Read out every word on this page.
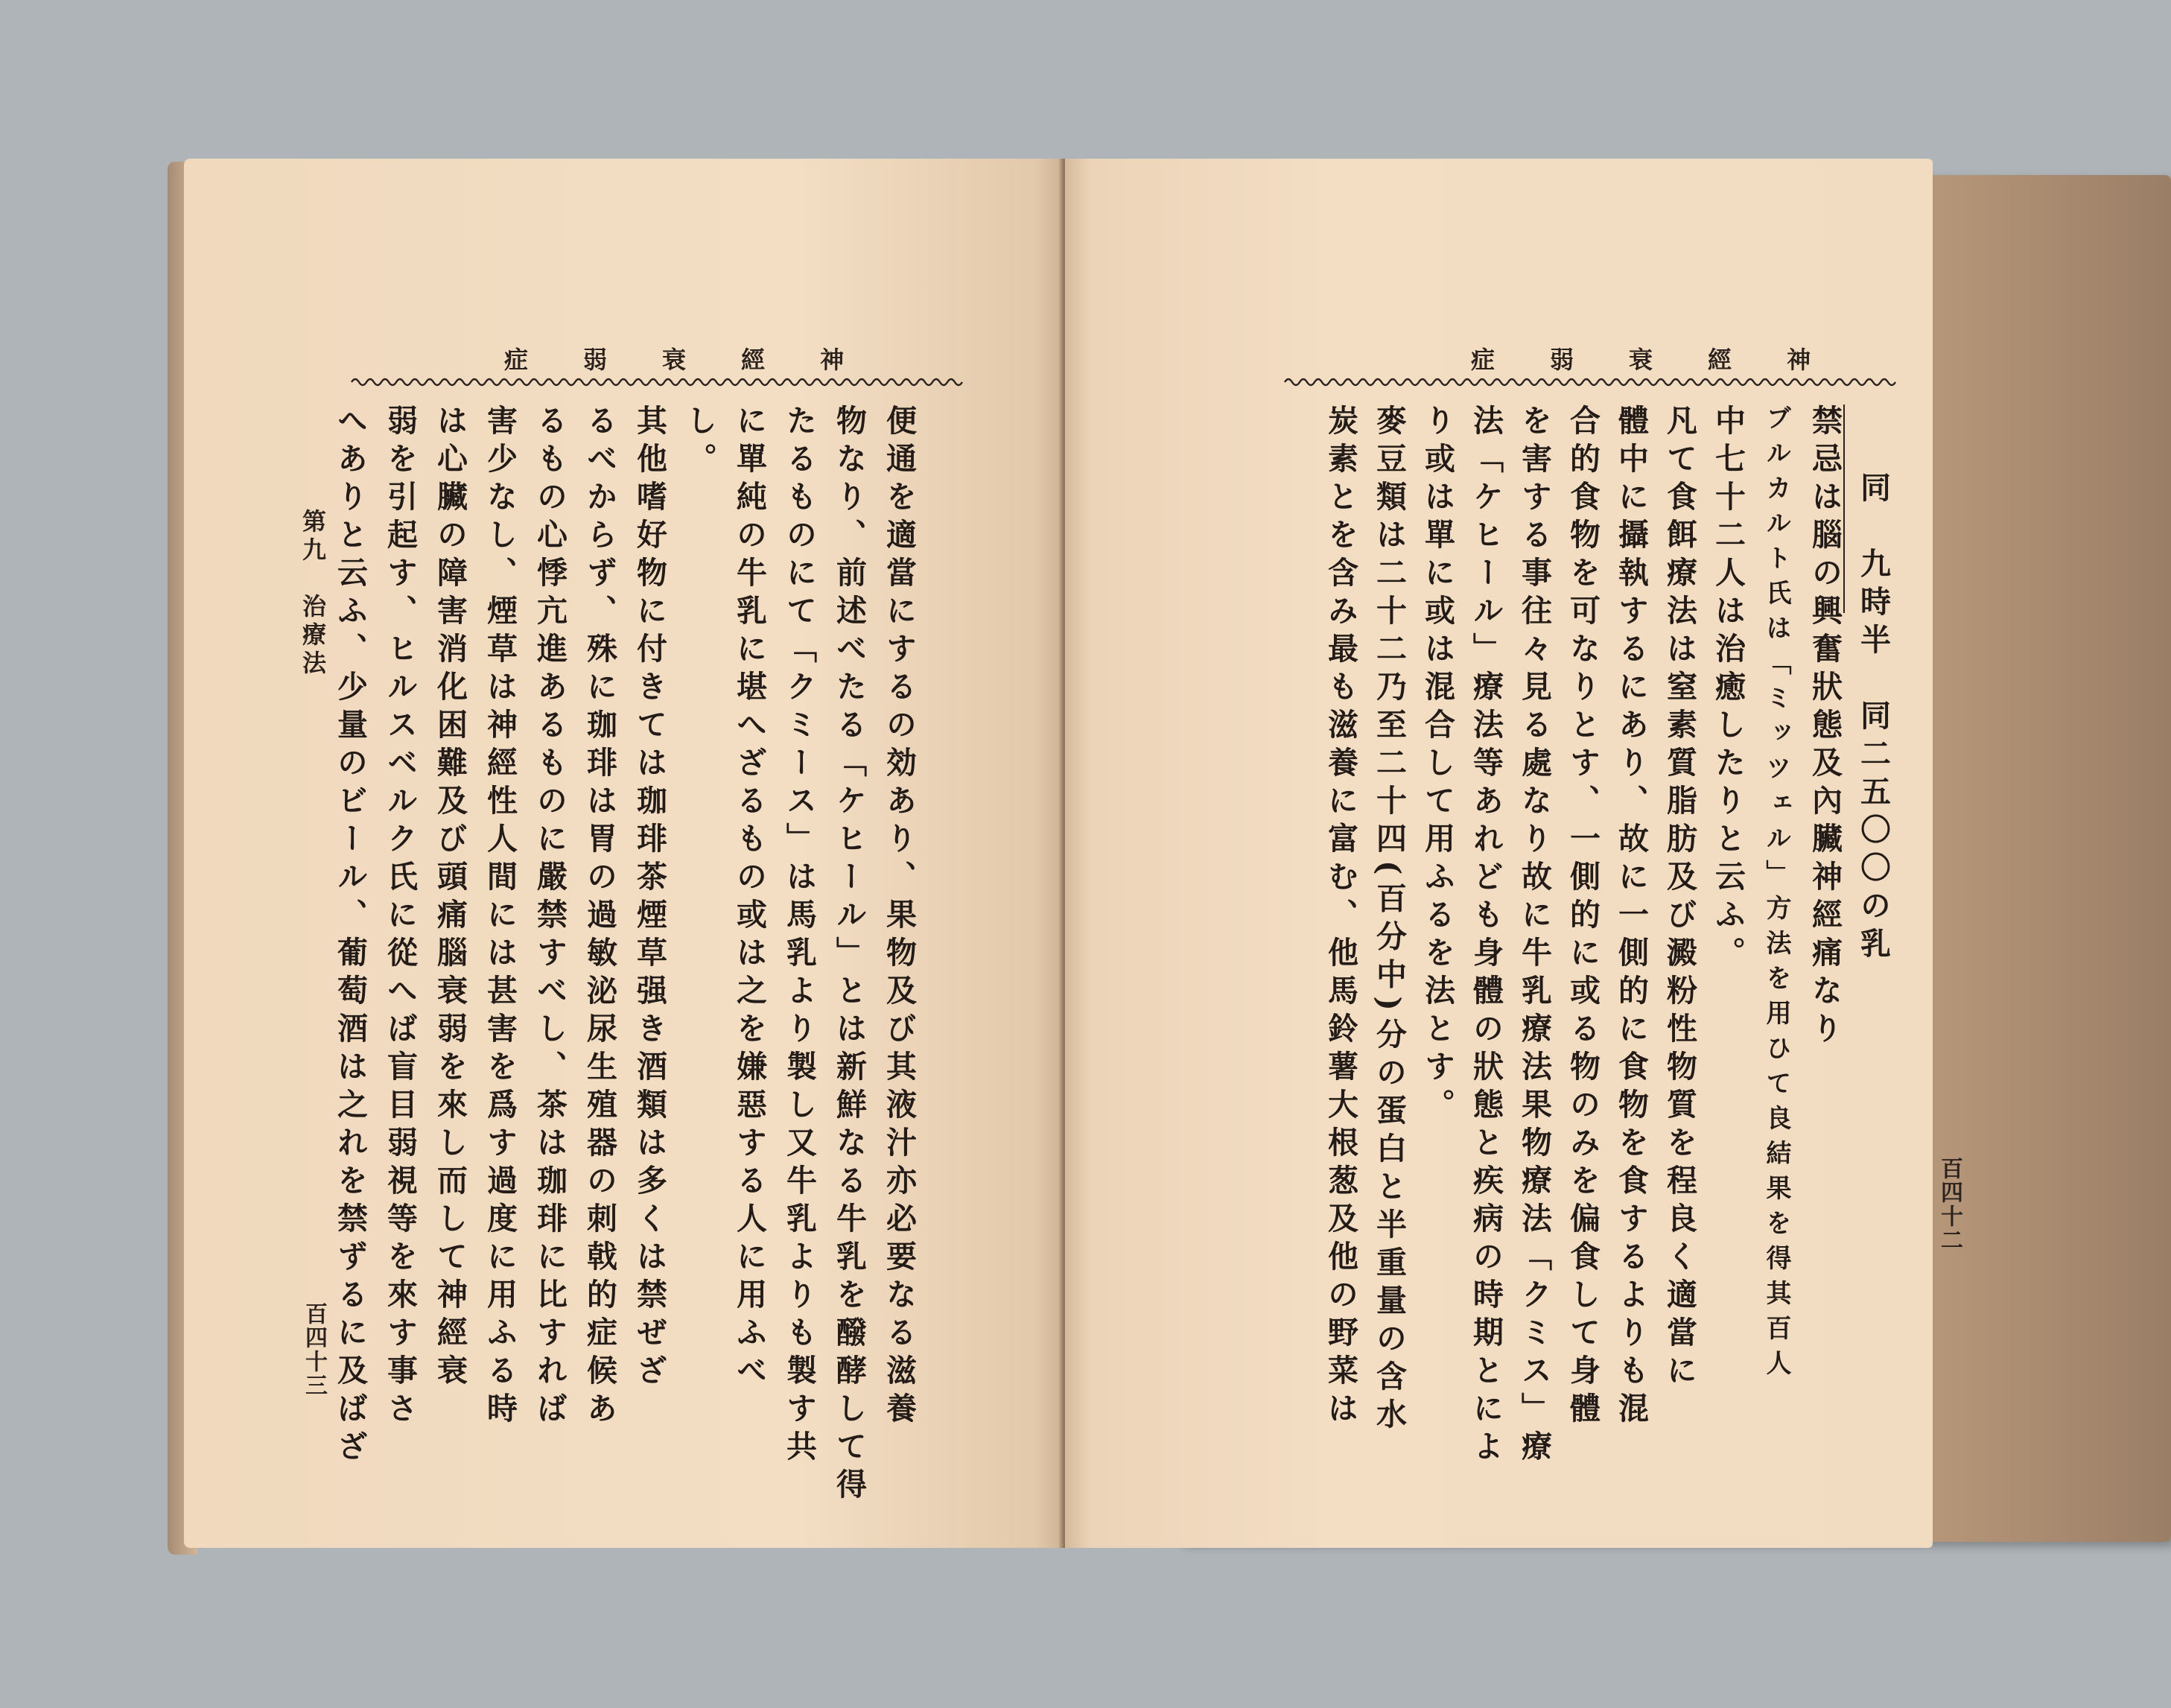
症 弱 衰 經 神

便通を適當にするの効あり、果物及び其液汁亦必要なる滋養
物なり、前述べたる「ケヒール」とは新鮮なる牛乳を醱酵して得
たるものにて「クミース」は馬乳より製し又牛乳よりも製す共
に單純の牛乳に堪へざるもの或は之を嫌惡する人に用ふべ
し。
其他嗜好物に付きては珈琲茶煙草强き酒類は多くは禁ぜざ
るべからず、殊に珈琲は胃の過敏泌尿生殖器の刺戟的症候あ
るもの心悸亢進あるものに嚴禁すべし、茶は珈琲に比すれば
害少なし、煙草は神經性人間には甚害を爲す過度に用ふる時
は心臟の障害消化困難及び頭痛腦衰弱を來し而して神經衰
弱を引起す、ヒルスベルク氏に從へば盲目弱視等を來す事さ
へありと云ふ、少量のビール、葡萄酒は之れを禁ずるに及ばざ
第九　治療法
百四十三
症 弱 衰 經 神
同　九時半　同二五〇〇の乳
禁忌は腦の興奮狀態及內臟神經痛なり
ブルカルト氏は「ミッツェル」方法を用ひて良結果を得其百人
中七十二人は治癒したりと云ふ。
凡て食餌療法は窒素質脂肪及び澱粉性物質を程良く適當に
體中に攝執するにあり、故に一側的に食物を食するよりも混
合的食物を可なりとす、一側的に或る物のみを偏食して身體
を害する事往々見る處なり故に牛乳療法果物療法「クミス」療
法「ケヒール」療法等あれども身體の狀態と疾病の時期とによ
り或は單に或は混合して用ふるを法とす。
麥豆類は二十二乃至二十四(百分中)分の蛋白と半重量の含水
炭素とを含み最も滋養に富む、他馬鈴薯大根葱及他の野菜は	百四十二
